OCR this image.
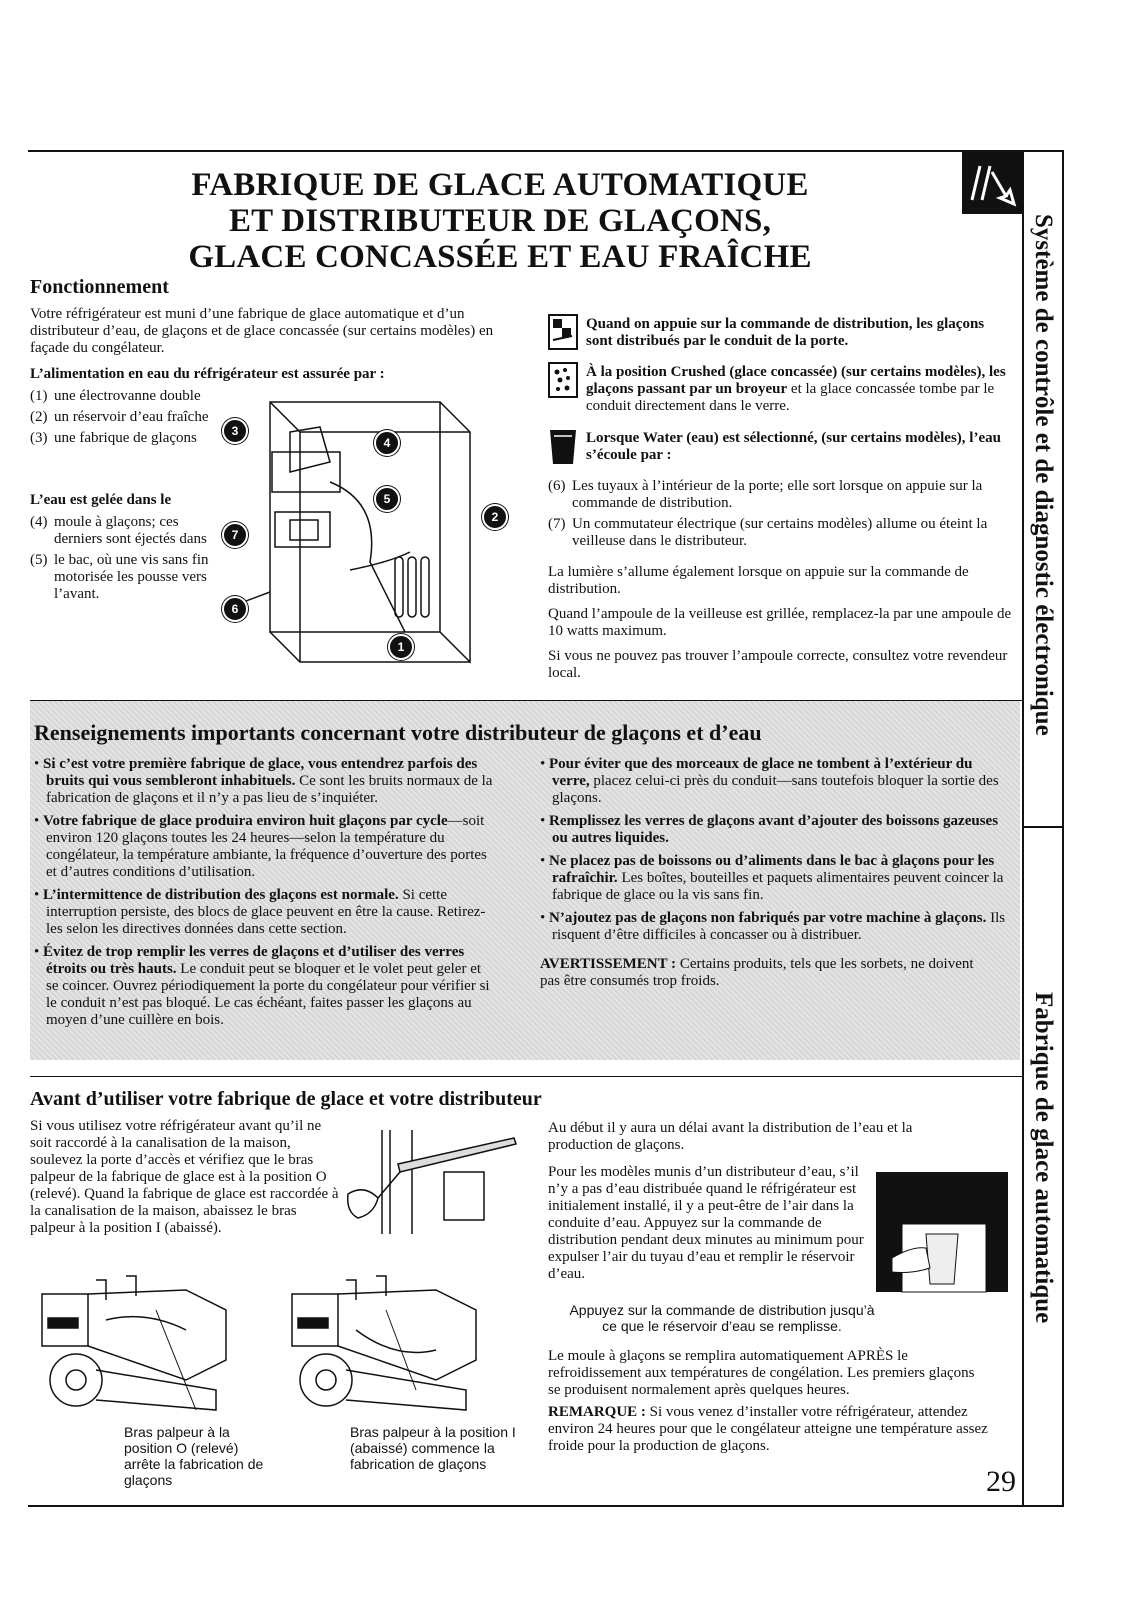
FABRIQUE DE GLACE AUTOMATIQUE
ET DISTRIBUTEUR DE GLAÇONS,
GLACE CONCASSÉE ET EAU FRAÎCHE	Système de contrôle et de diagnostic électronique
Fabrique de glace automatique
Fonctionnement

Votre réfrigérateur est muni d’une fabrique de glace automatique et d’un distributeur d’eau, de glaçons et de glace concassée (sur certains modèles) en façade du congélateur.

L’alimentation en eau du réfrigérateur est assurée par :

(1) une électrovanne double
(2) un réservoir d’eau fraîche
(3) une fabrique de glaçons

L’eau est gelée dans le

(4) moule à glaçons; ces derniers sont éjectés dans
(5) le bac, où une vis sans fin motorisée les pousse vers l’avant.
3
4
5
2
7
6
1

Quand on appuie sur la commande de distribution, les glaçons sont distribués par le conduit de la porte.

À la position Crushed (glace concassée) (sur certains modèles), les glaçons passant par un broyeur et la glace concassée tombe par le conduit directement dans le verre.

Lorsque Water (eau) est sélectionné, (sur certains modèles), l’eau s’écoule par :

(6) Les tuyaux à l’intérieur de la porte; elle sort lorsque on appuie sur la commande de distribution.
(7) Un commutateur électrique (sur certains modèles) allume ou éteint la veilleuse dans le distributeur.

La lumière s’allume également lorsque on appuie sur la commande de distribution.

Quand l’ampoule de la veilleuse est grillée, remplacez-la par une ampoule de 10 watts maximum.

Si vous ne pouvez pas trouver l’ampoule correcte, consultez votre revendeur local.

Renseignements importants concernant votre distributeur de glaçons et d’eau
• Si c’est votre première fabrique de glace, vous entendrez parfois des bruits qui vous sembleront inhabituels. Ce sont les bruits normaux de la fabrication de glaçons et il n’y a pas lieu de s’inquiéter.
• Votre fabrique de glace produira environ huit glaçons par cycle—soit environ 120 glaçons toutes les 24 heures—selon la température du congélateur, la température ambiante, la fréquence d’ouverture des portes et d’autres conditions d’utilisation.
• L’intermittence de distribution des glaçons est normale. Si cette interruption persiste, des blocs de glace peuvent en être la cause. Retirez-les selon les directives données dans cette section.
• Évitez de trop remplir les verres de glaçons et d’utiliser des verres étroits ou très hauts. Le conduit peut se bloquer et le volet peut geler et se coincer. Ouvrez périodiquement la porte du congélateur pour vérifier si le conduit n’est pas bloqué. Le cas échéant, faites passer les glaçons au moyen d’une cuillère en bois.
• Pour éviter que des morceaux de glace ne tombent à l’extérieur du verre, placez celui-ci près du conduit—sans toutefois bloquer la sortie des glaçons.
• Remplissez les verres de glaçons avant d’ajouter des boissons gazeuses ou autres liquides.
• Ne placez pas de boissons ou d’aliments dans le bac à glaçons pour les rafraîchir. Les boîtes, bouteilles et paquets alimentaires peuvent coincer la fabrique de glace ou la vis sans fin.
• N’ajoutez pas de glaçons non fabriqués par votre machine à glaçons. Ils risquent d’être difficiles à concasser ou à distribuer.

AVERTISSEMENT : Certains produits, tels que les sorbets, ne doivent pas être consumés trop froids.

Avant d’utiliser votre fabrique de glace et votre distributeur

Si vous utilisez votre réfrigérateur avant qu’il ne soit raccordé à la canalisation de la maison, soulevez la porte d’accès et vérifiez que le bras palpeur de la fabrique de glace est à la position O (relevé). Quand la fabrique de glace est raccordée à la canalisation de la maison, abaissez le bras palpeur à la position I (abaissé).

Bras palpeur à la position O (relevé) arrête la fabrication de glaçons
Bras palpeur à la position I (abaissé) commence la fabrication de glaçons

Au début il y aura un délai avant la distribution de l’eau et la production de glaçons.

Pour les modèles munis d’un distributeur d’eau, s’il n’y a pas d’eau distribuée quand le réfrigérateur est initialement installé, il y a peut-être de l’air dans la conduite d’eau. Appuyez sur la commande de distribution pendant deux minutes au minimum pour expulser l’air du tuyau d’eau et remplir le réservoir d’eau.

Appuyez sur la commande de distribution jusqu’à ce que le réservoir d’eau se remplisse.

Le moule à glaçons se remplira automatiquement APRÈS le refroidissement aux températures de congélation. Les premiers glaçons se produisent normalement après quelques heures.

REMARQUE : Si vous venez d’installer votre réfrigérateur, attendez environ 24 heures pour que le congélateur atteigne une température assez froide pour la production de glaçons.

29
